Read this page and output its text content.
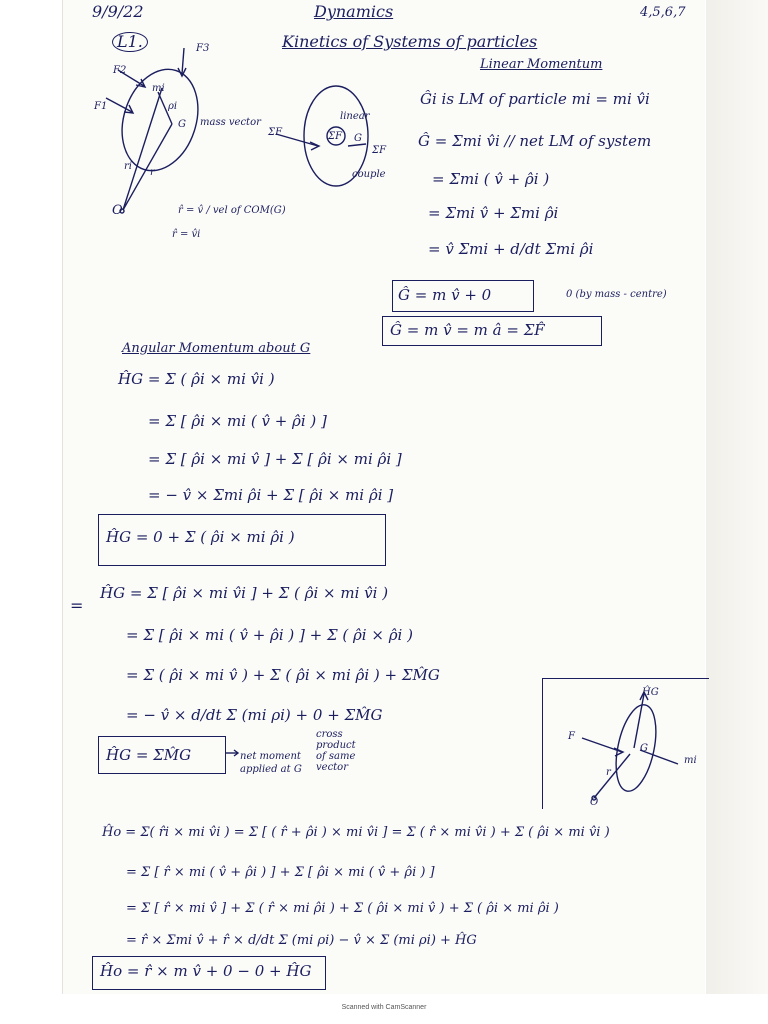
9/9/22	Dynamics	4,5,6,7
L1.	Kinetics of Systems of particles
Linear Momentum
F3
F2
F1
mi
ρi
G
ri
r
O
mass vector
ΣF
linear
ΣF G
ΣF
couple
r̂ = v̂ / vel of COM(G)
r̂ = v̂i
Ĝi is LM of particle mi = mi v̂i
Ĝ = Σmi v̂i // net LM of system
= Σmi ( v̂ + ρ̂i )
= Σmi v̂ + Σmi ρ̂i
= v̂ Σmi + d/dt Σmi ρ̂i
0 (by mass - centre)
Ĝ = m v̂ + 0
Ĝ = m v̂ = m â = ΣF̂
Angular Momentum about G
ĤG = Σ ( ρ̂i × mi v̂i )
= Σ [ ρ̂i × mi ( v̂ + ρ̂i ) ]
= Σ [ ρ̂i × mi v̂ ] + Σ [ ρ̂i × mi ρ̂i ]
= − v̂ × Σmi ρ̂i + Σ [ ρ̂i × mi ρ̂i ]
ĤG = 0 + Σ ( ρ̂i × mi ρ̂i )
ĤG = Σ [ ρ̂i × mi v̂i ] + Σ ( ρ̂i × mi v̂i )
= Σ [ ρ̂i × mi ( v̂ + ρ̂i ) ] + Σ ( ρ̂i × ρ̂i )
= Σ ( ρ̂i × mi v̂ ) + Σ ( ρ̂i × mi ρ̂i ) + ΣM̂G
= − v̂ × d/dt Σ (mi ρi) + 0 + ΣM̂G
cross
product
of same
vector
ĤG = ΣM̂G	net moment
applied at G
=
ĤG
F
G
mi
r
O
Ĥo = Σ( r̂i × mi v̂i ) = Σ [ ( r̂ + ρ̂i ) × mi v̂i ] = Σ ( r̂ × mi v̂i ) + Σ ( ρ̂i × mi v̂i )
= Σ [ r̂ × mi ( v̂ + ρ̂i ) ] + Σ [ ρ̂i × mi ( v̂ + ρ̂i ) ]
= Σ [ r̂ × mi v̂ ] + Σ ( r̂ × mi ρ̂i ) + Σ ( ρ̂i × mi v̂ ) + Σ ( ρ̂i × mi ρ̂i )
= r̂ × Σmi v̂ + r̂ × d/dt Σ (mi ρi) − v̂ × Σ (mi ρi) + ĤG
Ĥo = r̂ × m v̂ + 0 − 0 + ĤG
Scanned with CamScanner
